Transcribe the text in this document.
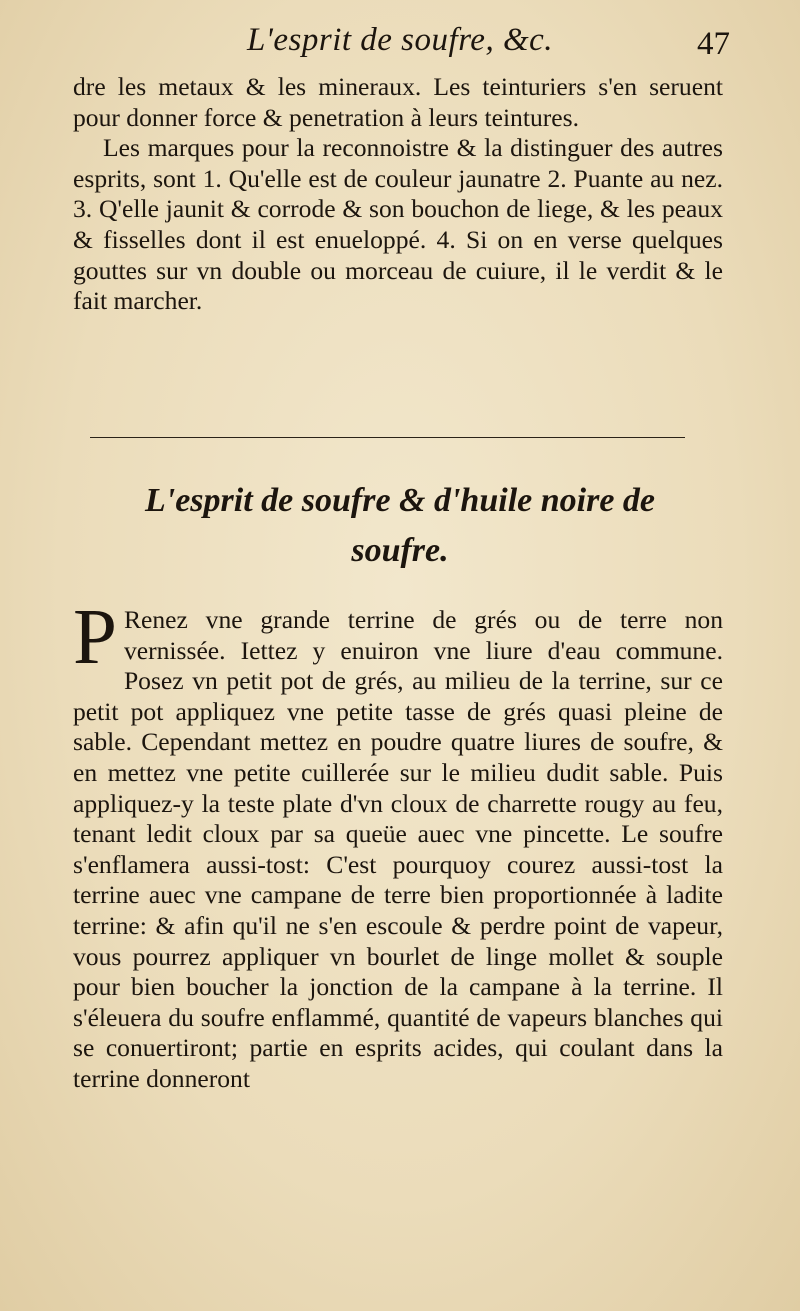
L'esprit de soufre, &c.	47

dre les metaux & les mineraux. Les teinturiers s'en seruent pour donner force & penetration à leurs teintures.

Les marques pour la reconnoistre & la distinguer des autres esprits, sont 1. Qu'elle est de couleur jaunatre 2. Puante au nez. 3. Q'elle jaunit & corrode & son bouchon de liege, & les peaux & fisselles dont il est enueloppé. 4. Si on en verse quelques gouttes sur vn double ou morceau de cuiure, il le verdit & le fait marcher.

L'esprit de soufre & d'huile noire de
soufre.

P Renez vne grande terrine de grés ou de terre non vernissée. Iettez y enuiron vne liure d'eau commune. Posez vn petit pot de grés, au milieu de la terrine, sur ce petit pot appliquez vne petite tasse de grés quasi pleine de sable. Cependant mettez en poudre quatre liures de soufre, & en mettez vne petite cuillerée sur le milieu dudit sable. Puis appliquez-y la teste plate d'vn cloux de charrette rougy au feu, tenant ledit cloux par sa queüe auec vne pincette. Le soufre s'enflamera aussi-tost: C'est pourquoy courez aussi-tost la terrine auec vne campane de terre bien proportionnée à ladite terrine: & afin qu'il ne s'en escoule & perdre point de vapeur, vous pourrez appliquer vn bourlet de linge mollet & souple pour bien boucher la jonction de la campane à la terrine. Il s'éleuera du soufre enflammé, quantité de vapeurs blanches qui se conuertiront; partie en esprits acides, qui coulant dans la terrine donneront
